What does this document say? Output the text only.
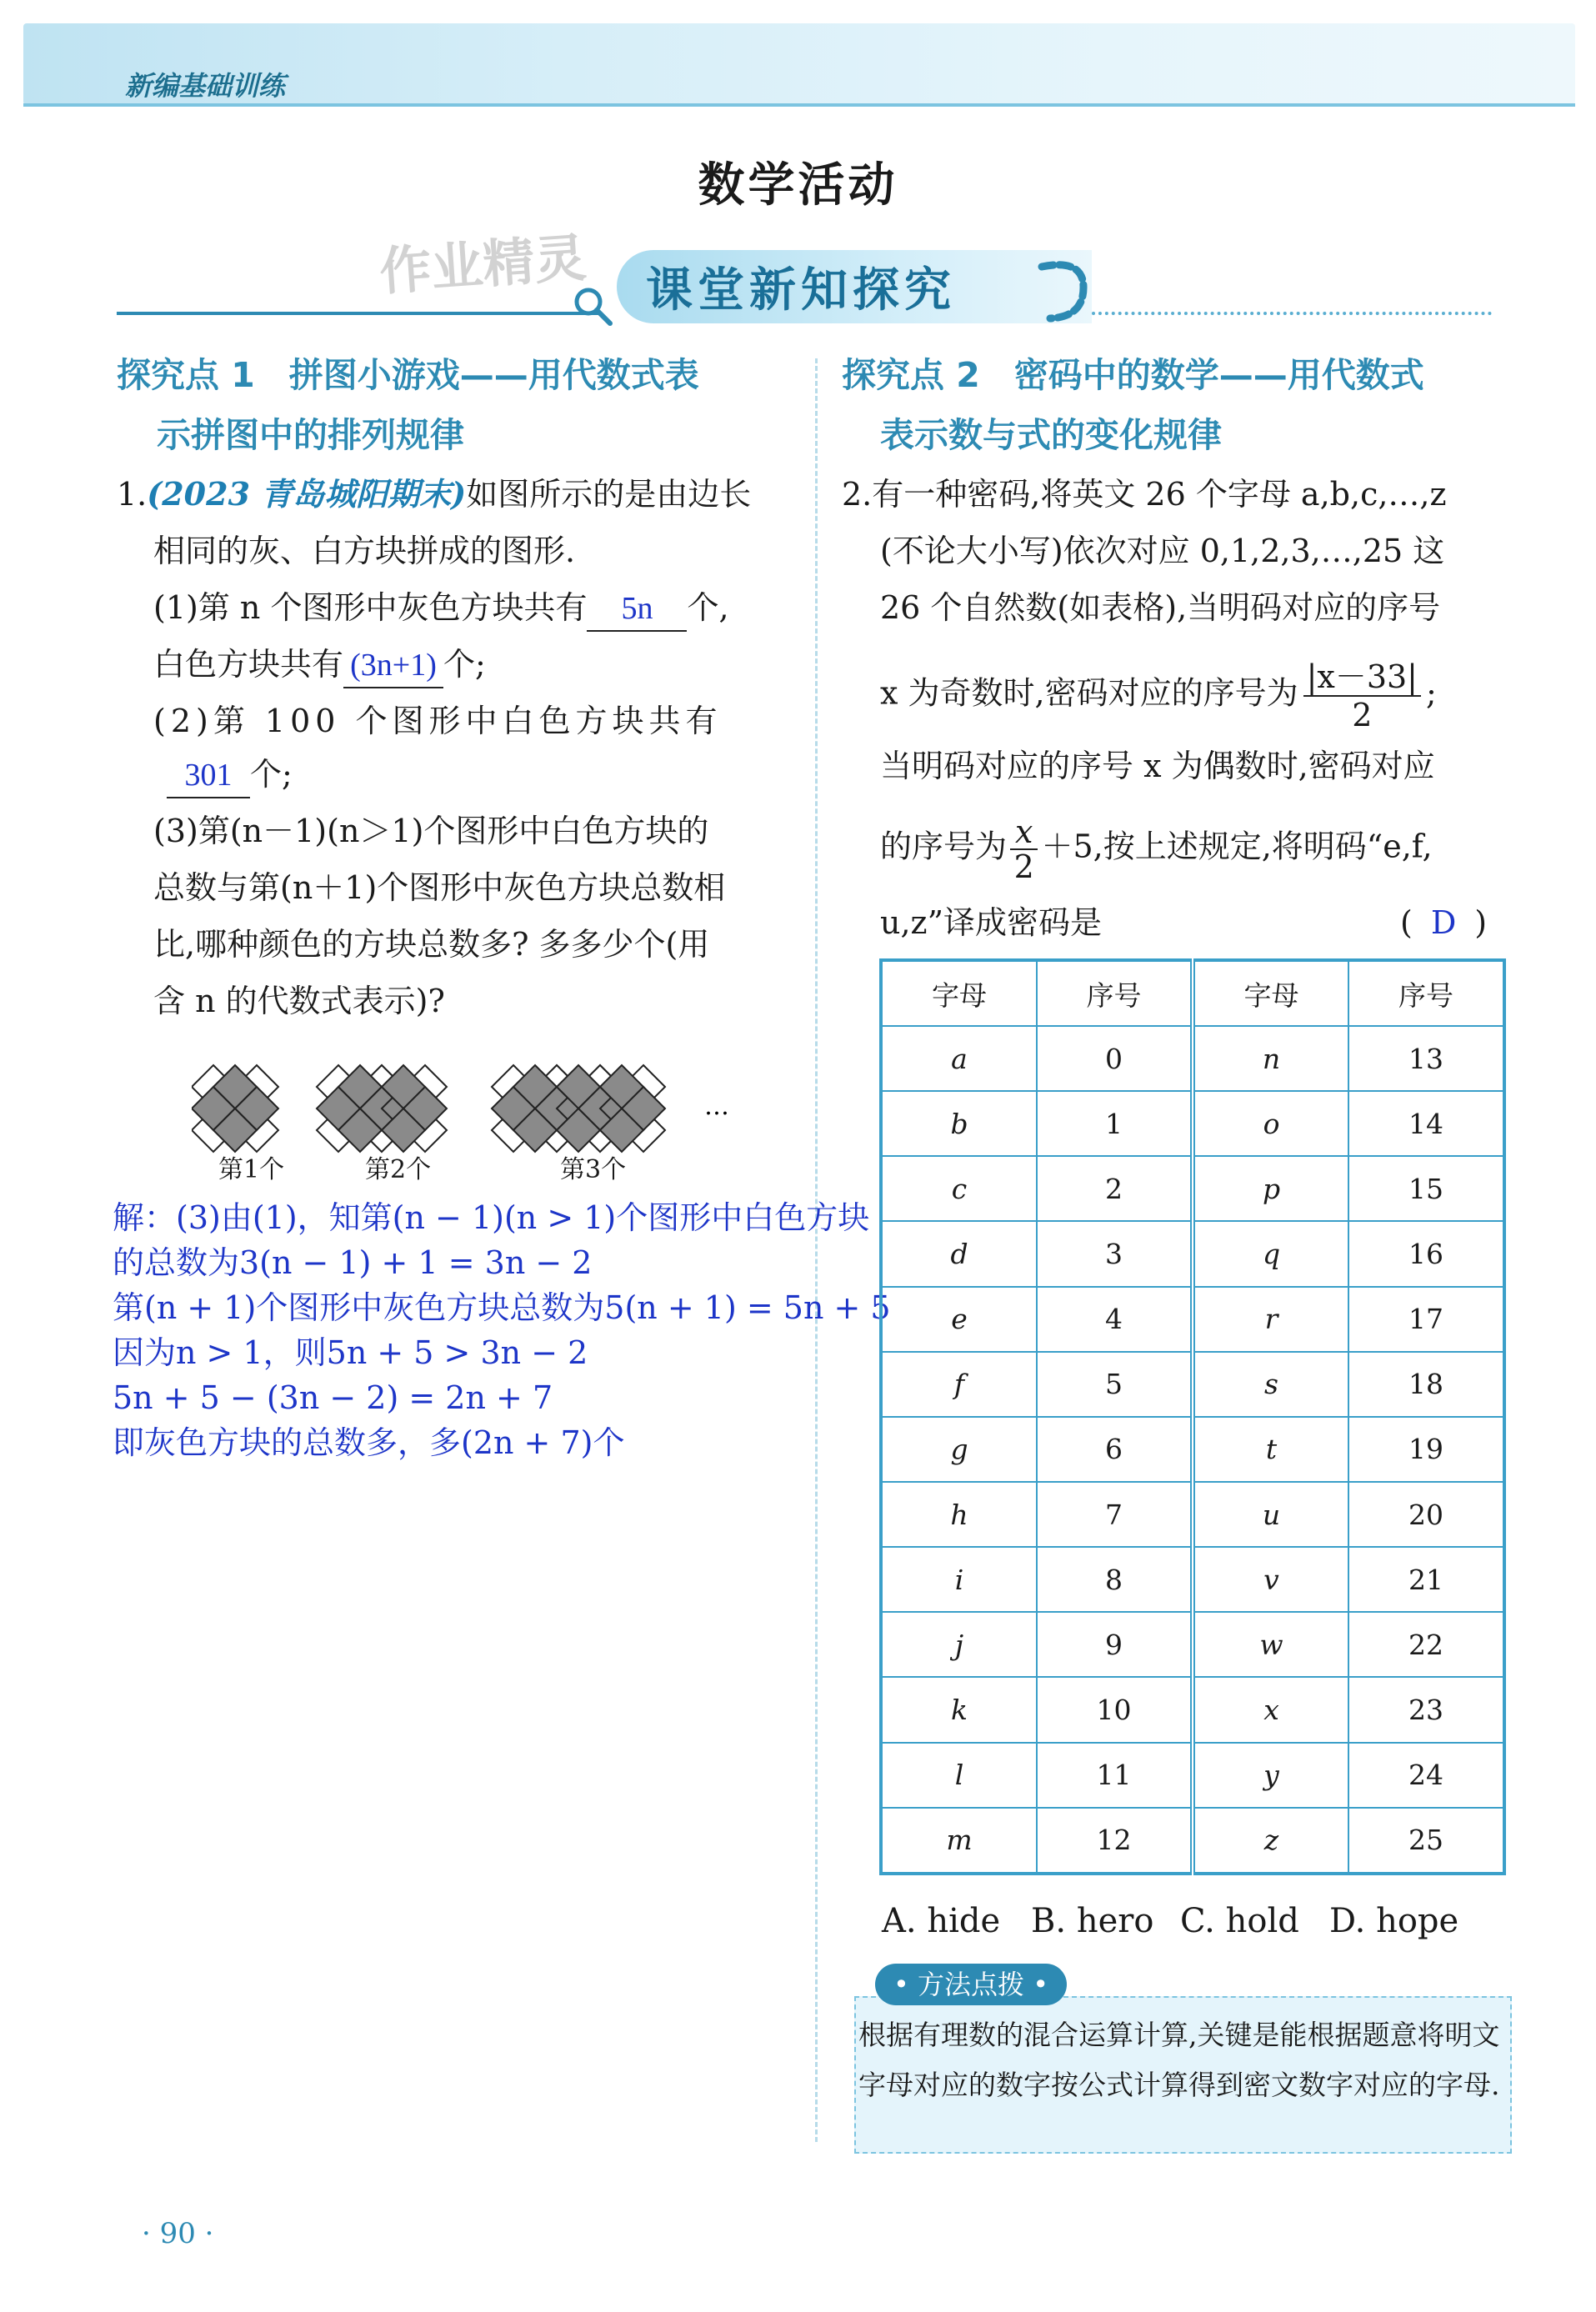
新编基础训练
数学活动
作业精灵 课堂新知探究
探究点 1　拼图小游戏——用代数式表
示拼图中的排列规律
1.(2023 青岛城阳期末)如图所示的是由边长
相同的灰、白方块拼成的图形.
(1)第 n 个图形中灰色方块共有 5n 个,
白色方块共有 (3n+1) 个;
(2)第 100 个图形中白色方块共有
301 个;
(3)第(n－1)(n＞1)个图形中白色方块的
总数与第(n＋1)个图形中灰色方块总数相
比,哪种颜色的方块总数多? 多多少个(用
含 n 的代数式表示)?
…
第1个	第2个	第3个
解：(3)由(1)，知第(n − 1)(n > 1)个图形中白色方块
的总数为3(n − 1) + 1 = 3n − 2
第(n + 1)个图形中灰色方块总数为5(n + 1) = 5n + 5
因为n > 1，则5n + 5 > 3n − 2
5n + 5 − (3n − 2) = 2n + 7
即灰色方块的总数多，多(2n + 7)个
探究点 2　密码中的数学——用代数式
表示数与式的变化规律
2.有一种密码,将英文 26 个字母 a,b,c,…,z
(不论大小写)依次对应 0,1,2,3,…,25 这
26 个自然数(如表格),当明码对应的序号
x 为奇数时,密码对应的序号为 $\frac{|x-33|}{2}$ ;
当明码对应的序号 x 为偶数时,密码对应
的序号为 $\frac{x}{2} +5$,按上述规定,将明码“e,f,
u,z”译成密码是	( D )
字母	序号	字母	序号
a	0	n	13
b	1	o	14
c	2	p	15
d	3	q	16
e	4	r	17
f	5	s	18
g	6	t	19
h	7	u	20
i	8	v	21
j	9	w	22
k	10	x	23
l	11	y	24
m	12	z	25
A. hide B. hero C. hold D. hope
• 方法点拨 •
根据有理数的混合运算计算,关键是能根据题意将明文字母对应的数字按公式计算得到密文数字对应的字母.
· 90 ·
